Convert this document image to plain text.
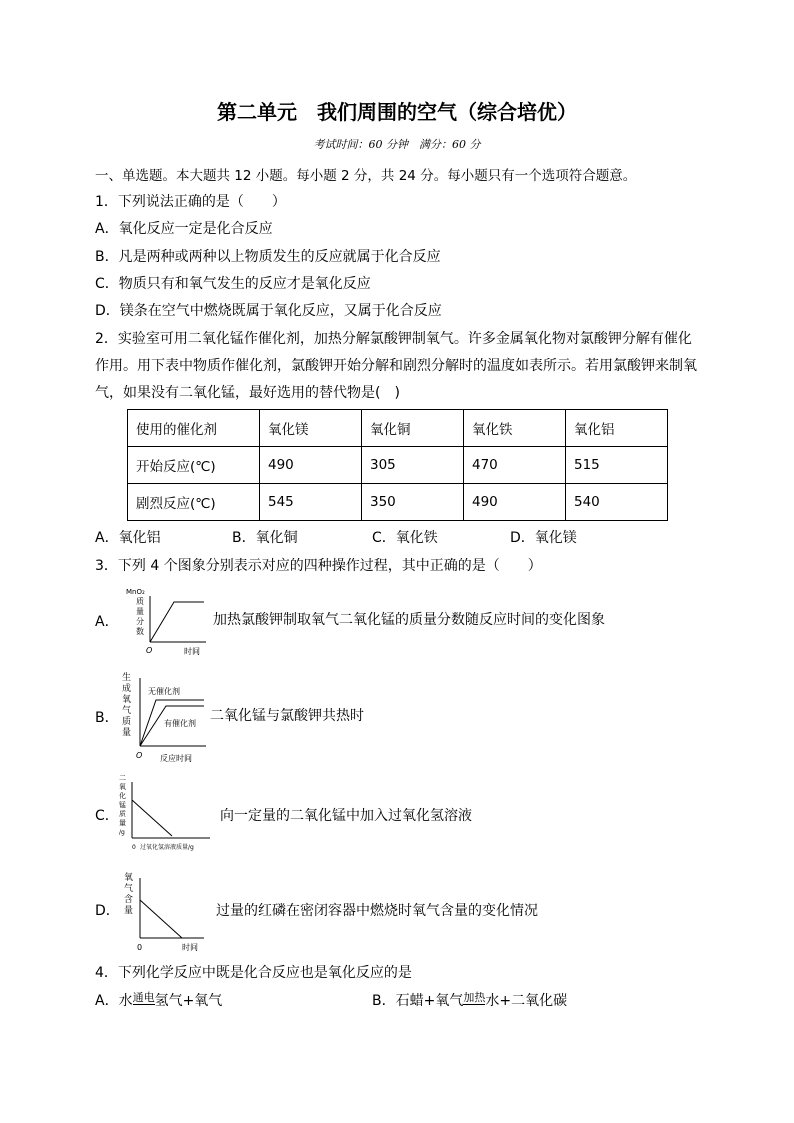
第二单元　我们周围的空气（综合培优）
考试时间：60 分钟　满分：60 分
一、单选题。本大题共 12 小题。每小题 2 分，共 24 分。每小题只有一个选项符合题意。
1．下列说法正确的是（　　）
A．氧化反应一定是化合反应
B．凡是两种或两种以上物质发生的反应就属于化合反应
C．物质只有和氧气发生的反应才是氧化反应
D．镁条在空气中燃烧既属于氧化反应，又属于化合反应
2．实验室可用二氧化锰作催化剂，加热分解氯酸钾制氧气。许多金属氧化物对氯酸钾分解有催化
作用。用下表中物质作催化剂，氯酸钾开始分解和剧烈分解时的温度如表所示。若用氯酸钾来制氧
气，如果没有二氧化锰，最好选用的替代物是(　)
使用的催化剂	氧化镁	氧化铜	氧化铁	氧化铝
开始反应(℃)	490	305	470	515
剧烈反应(℃)	545	350	490	540
A．氧化铝	B．氧化铜	C．氧化铁	D．氧化镁
3．下列 4 个图象分别表示对应的四种操作过程，其中正确的是（　　）
A．
MnO₂
质
量
分
数
O	时间
加热氯酸钾制取氧气二氧化锰的质量分数随反应时间的变化图象
B．
生
成
氧
气
质
量
无催化剂
有催化剂
O 反应时间
二氧化锰与氯酸钾共热时
C．
二
氧
化
锰
质
量
/g
0 过氧化氢溶液质量/g
向一定量的二氧化锰中加入过氧化氢溶液
D．
氧
气
含
量
0	时间
过量的红磷在密闭容器中燃烧时氧气含量的变化情况
4．下列化学反应中既是化合反应也是氧化反应的是
A．水$^{通电}$氢气+氧气	B．石蜡+氧气$^{加热}$水+二氧化碳
